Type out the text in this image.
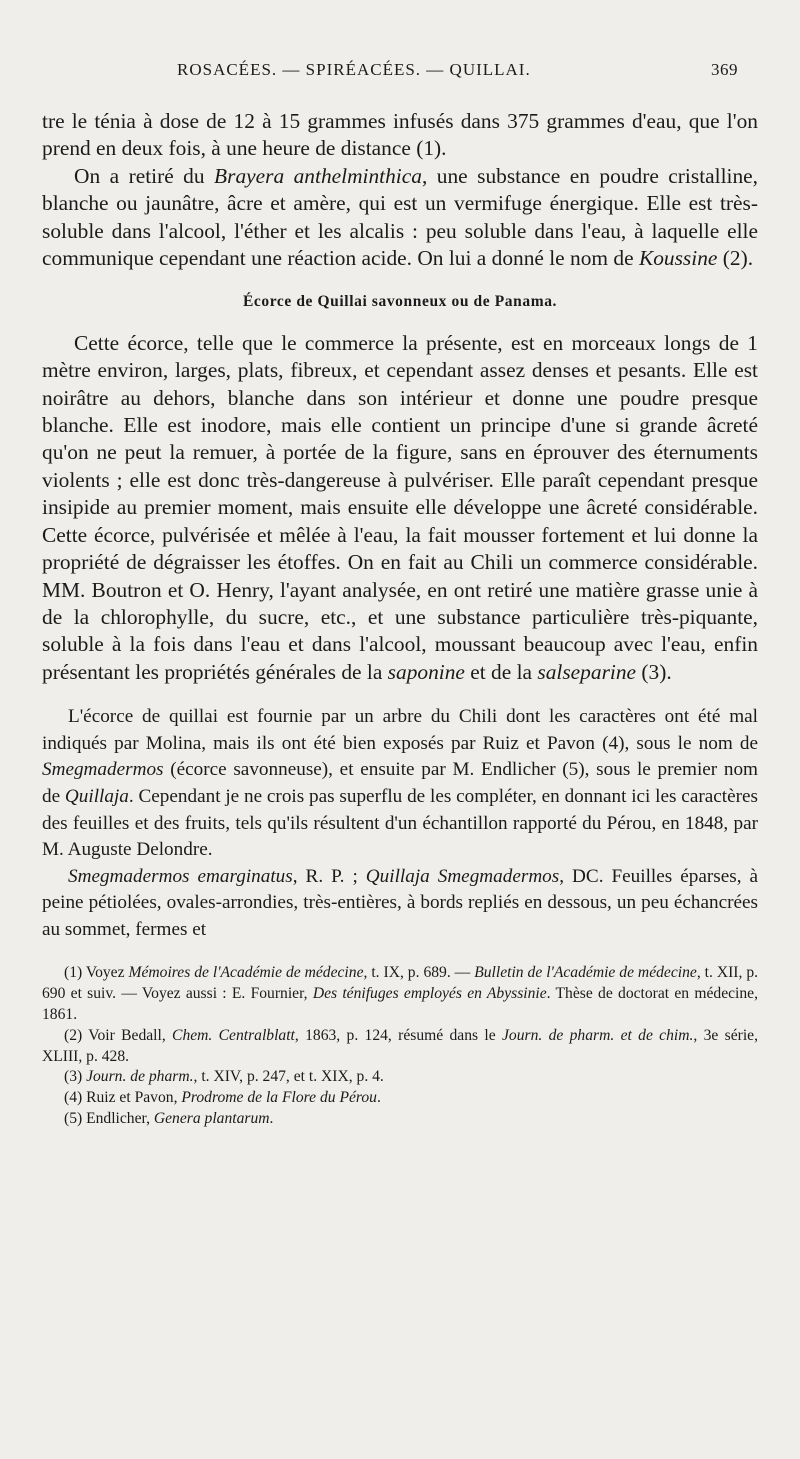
ROSACÉES. — SPIRÉACÉES. — QUILLAI.	369

tre le ténia à dose de 12 à 15 grammes infusés dans 375 grammes d'eau, que l'on prend en deux fois, à une heure de distance (1).

On a retiré du Brayera anthelminthica, une substance en poudre cristalline, blanche ou jaunâtre, âcre et amère, qui est un vermifuge énergique. Elle est très-soluble dans l'alcool, l'éther et les alcalis : peu soluble dans l'eau, à laquelle elle communique cependant une réaction acide. On lui a donné le nom de Koussine (2).

Écorce de Quillai savonneux ou de Panama.

Cette écorce, telle que le commerce la présente, est en morceaux longs de 1 mètre environ, larges, plats, fibreux, et cependant assez denses et pesants. Elle est noirâtre au dehors, blanche dans son intérieur et donne une poudre presque blanche. Elle est inodore, mais elle contient un principe d'une si grande âcreté qu'on ne peut la remuer, à portée de la figure, sans en éprouver des éternuments violents ; elle est donc très-dangereuse à pulvériser. Elle paraît cependant presque insipide au premier moment, mais ensuite elle développe une âcreté considérable. Cette écorce, pulvérisée et mêlée à l'eau, la fait mousser fortement et lui donne la propriété de dégraisser les étoffes. On en fait au Chili un commerce considérable. MM. Boutron et O. Henry, l'ayant analysée, en ont retiré une matière grasse unie à de la chlorophylle, du sucre, etc., et une substance particulière très-piquante, soluble à la fois dans l'eau et dans l'alcool, moussant beaucoup avec l'eau, enfin présentant les propriétés générales de la saponine et de la salseparine (3).

L'écorce de quillai est fournie par un arbre du Chili dont les caractères ont été mal indiqués par Molina, mais ils ont été bien exposés par Ruiz et Pavon (4), sous le nom de Smegmadermos (écorce savonneuse), et ensuite par M. Endlicher (5), sous le premier nom de Quillaja. Cependant je ne crois pas superflu de les compléter, en donnant ici les caractères des feuilles et des fruits, tels qu'ils résultent d'un échantillon rapporté du Pérou, en 1848, par M. Auguste Delondre.

Smegmadermos emarginatus, R. P. ; Quillaja Smegmadermos, DC. Feuilles éparses, à peine pétiolées, ovales-arrondies, très-entières, à bords repliés en dessous, un peu échancrées au sommet, fermes et

(1) Voyez Mémoires de l'Académie de médecine, t. IX, p. 689. — Bulletin de l'Académie de médecine, t. XII, p. 690 et suiv. — Voyez aussi : E. Fournier, Des ténifuges employés en Abyssinie. Thèse de doctorat en médecine, 1861.

(2) Voir Bedall, Chem. Centralblatt, 1863, p. 124, résumé dans le Journ. de pharm. et de chim., 3e série, XLIII, p. 428.

(3) Journ. de pharm., t. XIV, p. 247, et t. XIX, p. 4.

(4) Ruiz et Pavon, Prodrome de la Flore du Pérou.

(5) Endlicher, Genera plantarum.
